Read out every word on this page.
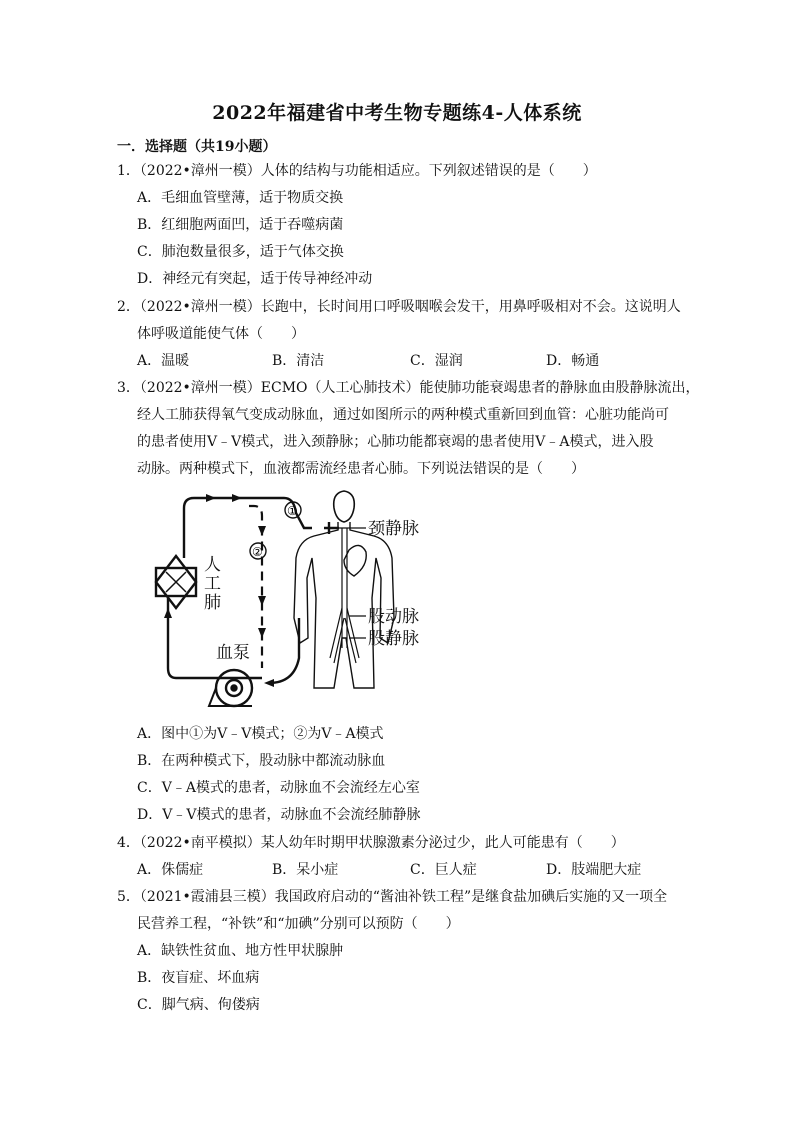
2022年福建省中考生物专题练4-人体系统
一．选择题（共19小题）
1．（2022•漳州一模）人体的结构与功能相适应。下列叙述错误的是（　　）
A．毛细血管壁薄，适于物质交换
B．红细胞两面凹，适于吞噬病菌
C．肺泡数量很多，适于气体交换
D．神经元有突起，适于传导神经冲动
2．（2022•漳州一模）长跑中，长时间用口呼吸咽喉会发干，用鼻呼吸相对不会。这说明人
体呼吸道能使气体（　　）
A．温暖	B．清洁	C．湿润	D．畅通
3．（2022•漳州一模）ECMO（人工心肺技术）能使肺功能衰竭患者的静脉血由股静脉流出，
经人工肺获得氧气变成动脉血，通过如图所示的两种模式重新回到血管：心脏功能尚可
的患者使用V﹣V模式，进入颈静脉；心肺功能都衰竭的患者使用V﹣A模式，进入股
动脉。两种模式下，血液都需流经患者心肺。下列说法错误的是（　　）
人
工
肺
血泵
颈静脉
股动脉
股静脉
①
②
A．图中①为V﹣V模式；②为V﹣A模式
B．在两种模式下，股动脉中都流动脉血
C．V﹣A模式的患者，动脉血不会流经左心室
D．V﹣V模式的患者，动脉血不会流经肺静脉
4．（2022•南平模拟）某人幼年时期甲状腺激素分泌过少，此人可能患有（　　）
A．侏儒症	B．呆小症	C．巨人症	D．肢端肥大症
5．（2021•霞浦县三模）我国政府启动的“酱油补铁工程”是继食盐加碘后实施的又一项全
民营养工程，“补铁”和“加碘”分别可以预防（　　）
A．缺铁性贫血、地方性甲状腺肿
B．夜盲症、坏血病
C．脚气病、佝偻病
